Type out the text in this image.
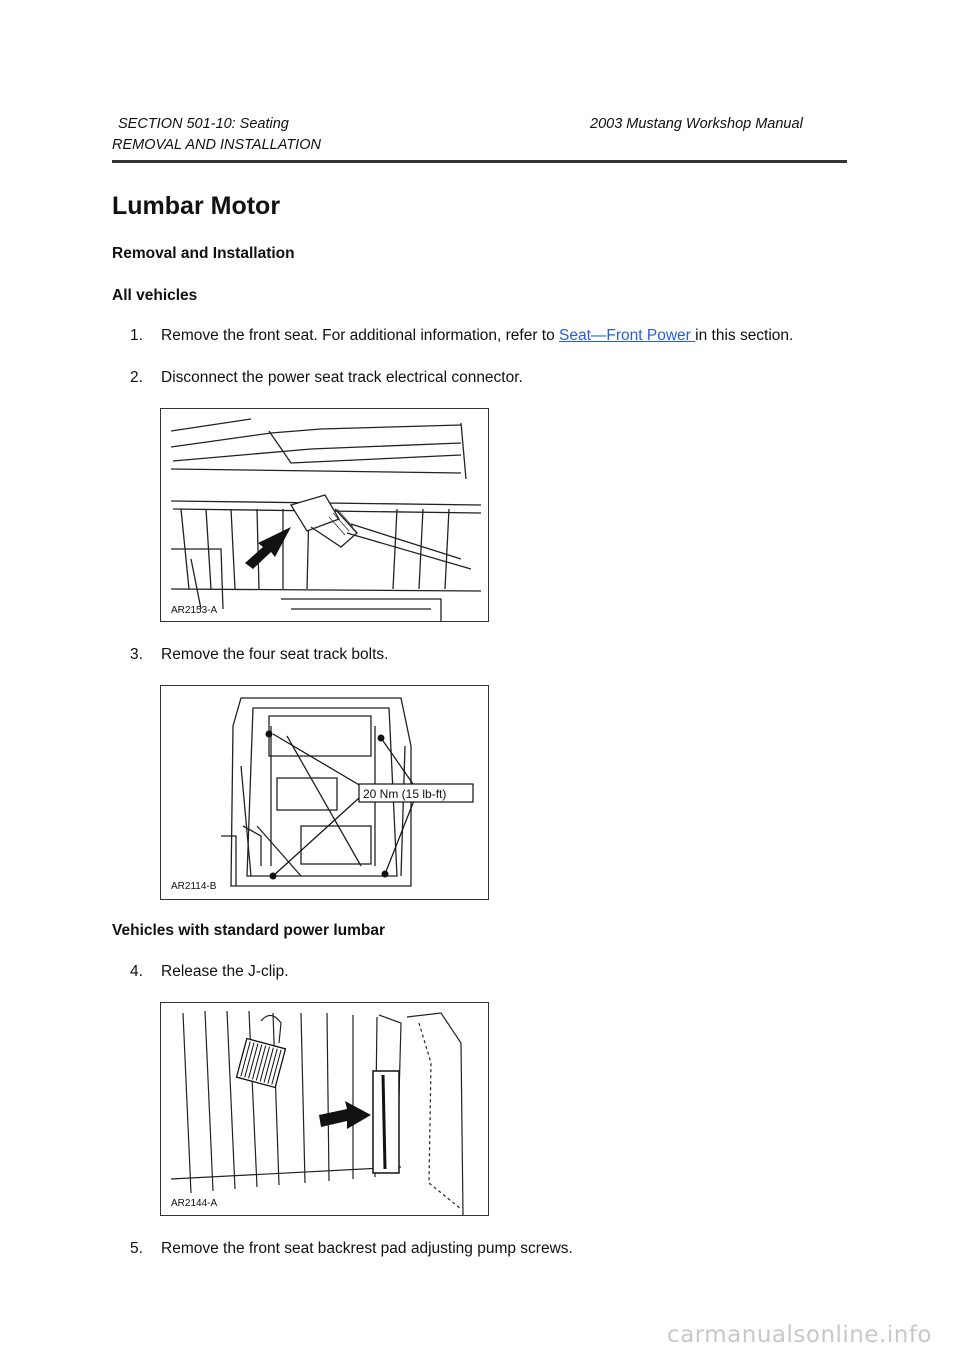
SECTION 501-10: Seating	2003 Mustang Workshop Manual
REMOVAL AND INSTALLATION
Lumbar Motor
Removal and Installation
All vehicles
1. Remove the front seat. For additional information, refer to Seat—Front Power in this section.
2. Disconnect the power seat track electrical connector.
AR2153-A
3. Remove the four seat track bolts.
20 Nm (15 lb-ft)
AR2114-B
Vehicles with standard power lumbar
4. Release the J-clip.
AR2144-A
5. Remove the front seat backrest pad adjusting pump screws.
carmanualsonline.info
